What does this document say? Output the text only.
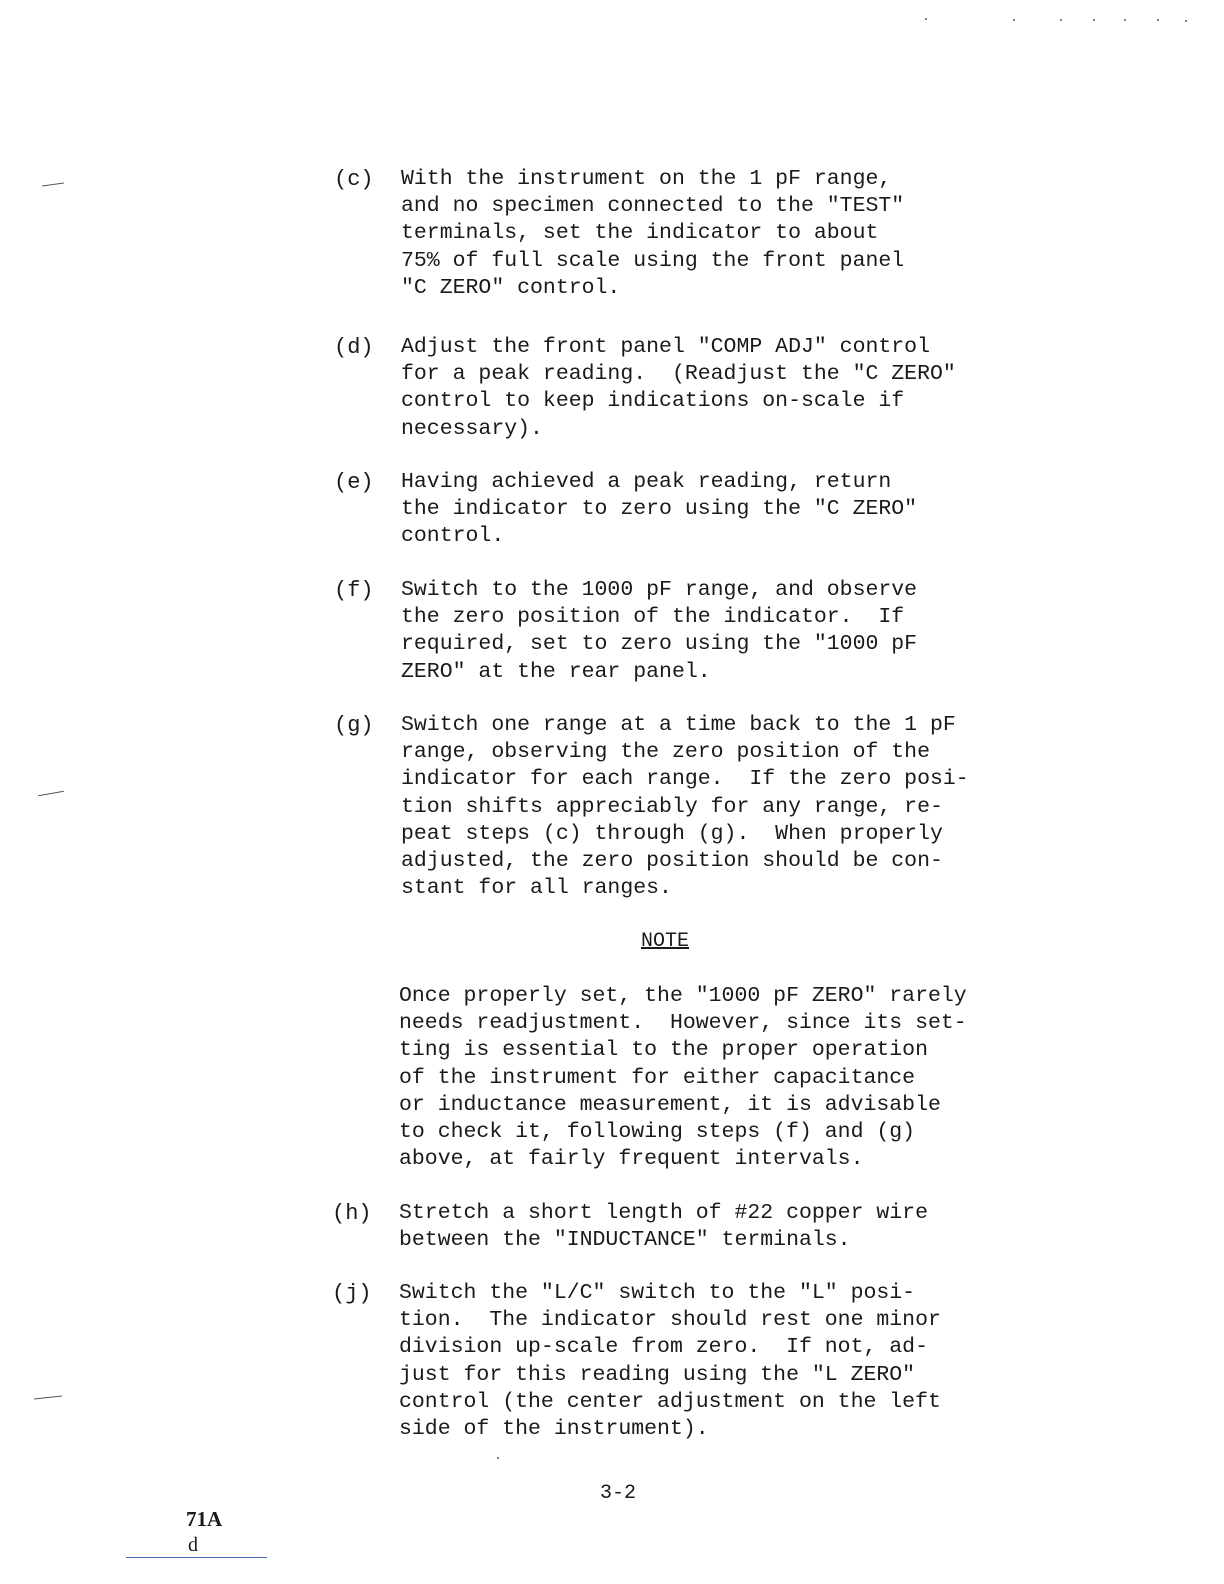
(c) With the instrument on the 1 pF range,
and no specimen connected to the "TEST"
terminals, set the indicator to about
75% of full scale using the front panel
"C ZERO" control.
(d) Adjust the front panel "COMP ADJ" control
for a peak reading.  (Readjust the "C ZERO"
control to keep indications on-scale if
necessary).
(e) Having achieved a peak reading, return
the indicator to zero using the "C ZERO"
control.
(f) Switch to the 1000 pF range, and observe
the zero position of the indicator.  If
required, set to zero using the "1000 pF
ZERO" at the rear panel.
(g) Switch one range at a time back to the 1 pF
range, observing the zero position of the
indicator for each range.  If the zero posi-
tion shifts appreciably for any range, re-
peat steps (c) through (g).  When properly
adjusted, the zero position should be con-
stant for all ranges.
NOTE
Once properly set, the "1000 pF ZERO" rarely
needs readjustment.  However, since its set-
ting is essential to the proper operation
of the instrument for either capacitance
or inductance measurement, it is advisable
to check it, following steps (f) and (g)
above, at fairly frequent intervals.
(h) Stretch a short length of #22 copper wire
between the "INDUCTANCE" terminals.
(j) Switch the "L/C" switch to the "L" posi-
tion.  The indicator should rest one minor
division up-scale from zero.  If not, ad-
just for this reading using the "L ZERO"
control (the center adjustment on the left
side of the instrument).
3-2
71A
d
